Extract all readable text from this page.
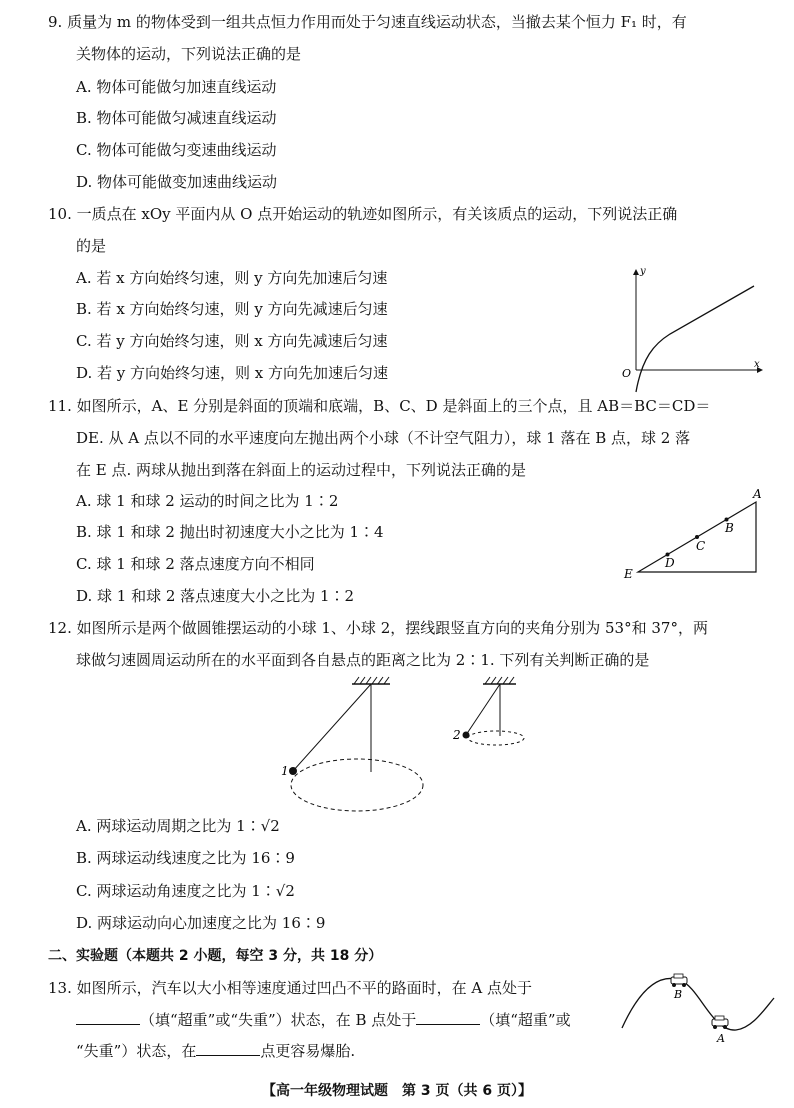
9. 质量为 m 的物体受到一组共点恒力作用而处于匀速直线运动状态，当撤去某个恒力 F₁ 时，有
关物体的运动，下列说法正确的是
A. 物体可能做匀加速直线运动
B. 物体可能做匀减速直线运动
C. 物体可能做匀变速曲线运动
D. 物体可能做变加速曲线运动
10. 一质点在 xOy 平面内从 O 点开始运动的轨迹如图所示，有关该质点的运动，下列说法正确
的是
A. 若 x 方向始终匀速，则 y 方向先加速后匀速
B. 若 x 方向始终匀速，则 y 方向先减速后匀速
C. 若 y 方向始终匀速，则 x 方向先减速后匀速
D. 若 y 方向始终匀速，则 x 方向先加速后匀速
y
x
O
11. 如图所示，A、E 分别是斜面的顶端和底端，B、C、D 是斜面上的三个点，且 AB＝BC＝CD＝
DE. 从 A 点以不同的水平速度向左抛出两个小球（不计空气阻力），球 1 落在 B 点，球 2 落
在 E 点. 两球从抛出到落在斜面上的运动过程中，下列说法正确的是
A. 球 1 和球 2 运动的时间之比为 1∶2
B. 球 1 和球 2 抛出时初速度大小之比为 1∶4
C. 球 1 和球 2 落点速度方向不相同
D. 球 1 和球 2 落点速度大小之比为 1∶2
A
B
C
D
E
12. 如图所示是两个做圆锥摆运动的小球 1、小球 2，摆线跟竖直方向的夹角分别为 53°和 37°，两
球做匀速圆周运动所在的水平面到各自悬点的距离之比为 2∶1. 下列有关判断正确的是
1
2
A. 两球运动周期之比为 1∶√2
B. 两球运动线速度之比为 16∶9
C. 两球运动角速度之比为 1∶√2
D. 两球运动向心加速度之比为 16∶9
二、实验题（本题共 2 小题，每空 3 分，共 18 分）
13. 如图所示，汽车以大小相等速度通过凹凸不平的路面时，在 A 点处于
（填“超重”或“失重”）状态，在 B 点处于	（填“超重”或
“失重”）状态，在	点更容易爆胎.
B
A
【高一年级物理试题　第 3 页（共 6 页）】
